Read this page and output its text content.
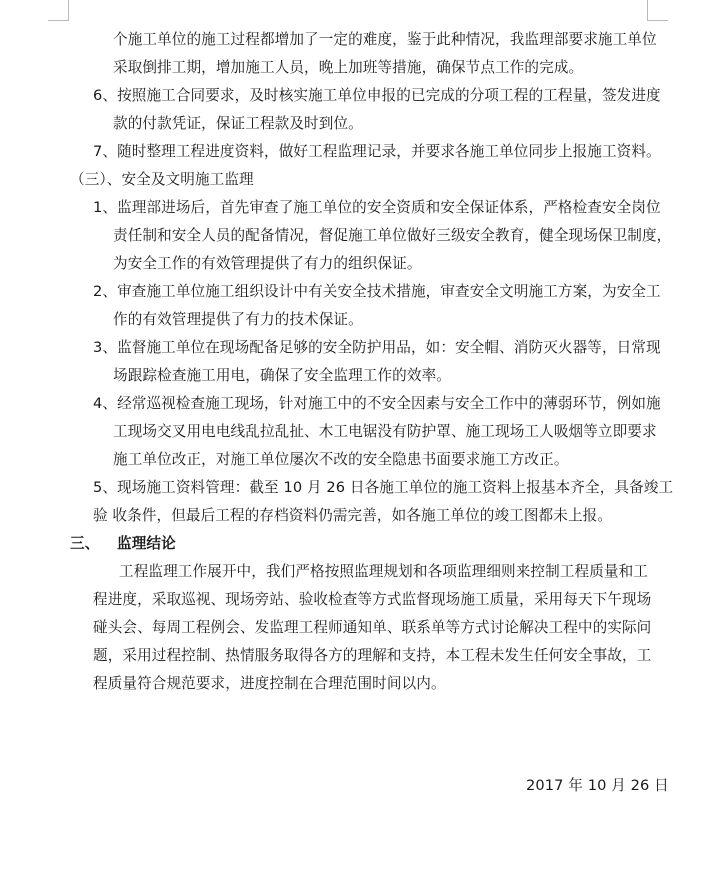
个施工单位的施工过程都增加了一定的难度，鉴于此种情况，我监理部要求施工单位
采取倒排工期，增加施工人员，晚上加班等措施，确保节点工作的完成。
6、按照施工合同要求，及时核实施工单位申报的已完成的分项工程的工程量，签发进度
款的付款凭证，保证工程款及时到位。
7、随时整理工程进度资料，做好工程监理记录，并要求各施工单位同步上报施工资料。
（三）、安全及文明施工监理
1、监理部进场后，首先审查了施工单位的安全资质和安全保证体系，严格检查安全岗位
责任制和安全人员的配备情况，督促施工单位做好三级安全教育，健全现场保卫制度，
为安全工作的有效管理提供了有力的组织保证。
2、审查施工单位施工组织设计中有关安全技术措施，审查安全文明施工方案，为安全工
作的有效管理提供了有力的技术保证。
3、监督施工单位在现场配备足够的安全防护用品，如：安全帽、消防灭火器等，日常现
场跟踪检查施工用电，确保了安全监理工作的效率。
4、经常巡视检查施工现场，针对施工中的不安全因素与安全工作中的薄弱环节，例如施
工现场交叉用电电线乱拉乱扯、木工电锯没有防护罩、施工现场工人吸烟等立即要求
施工单位改正，对施工单位屡次不改的安全隐患书面要求施工方改正。
5、现场施工资料管理：截至 10 月 26 日各施工单位的施工资料上报基本齐全，具备竣工
验 收条件，但最后工程的存档资料仍需完善，如各施工单位的竣工图都未上报。
三、 监理结论
工程监理工作展开中，我们严格按照监理规划和各项监理细则来控制工程质量和工
程进度，采取巡视、现场旁站、验收检查等方式监督现场施工质量，采用每天下午现场
碰头会、每周工程例会、发监理工程师通知单、联系单等方式讨论解决工程中的实际问
题，采用过程控制、热情服务取得各方的理解和支持，本工程未发生任何安全事故，工
程质量符合规范要求，进度控制在合理范围时间以内。
2017 年 10 月 26 日
